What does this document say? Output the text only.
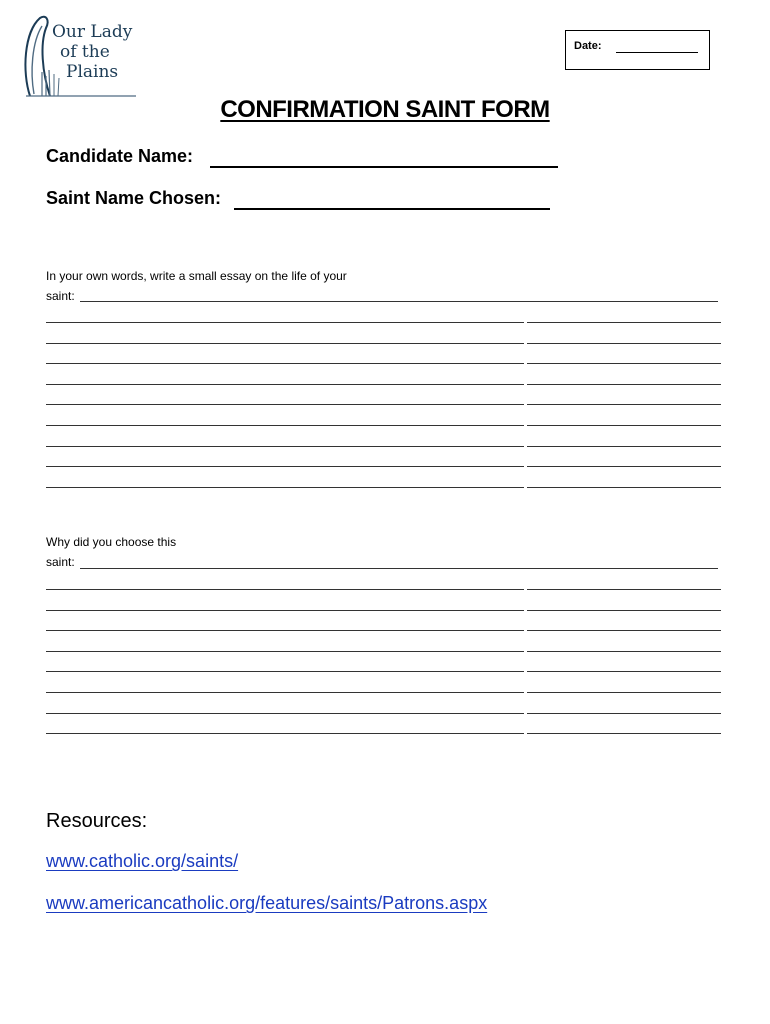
Our Lady
of the
Plains
Date:
CONFIRMATION SAINT FORM
Candidate Name:
Saint Name Chosen:
In your own words, write a small essay on the life of your
saint:
Why did you choose this
saint:
Resources:
www.catholic.org/saints/
www.americancatholic.org/features/saints/Patrons.aspx
